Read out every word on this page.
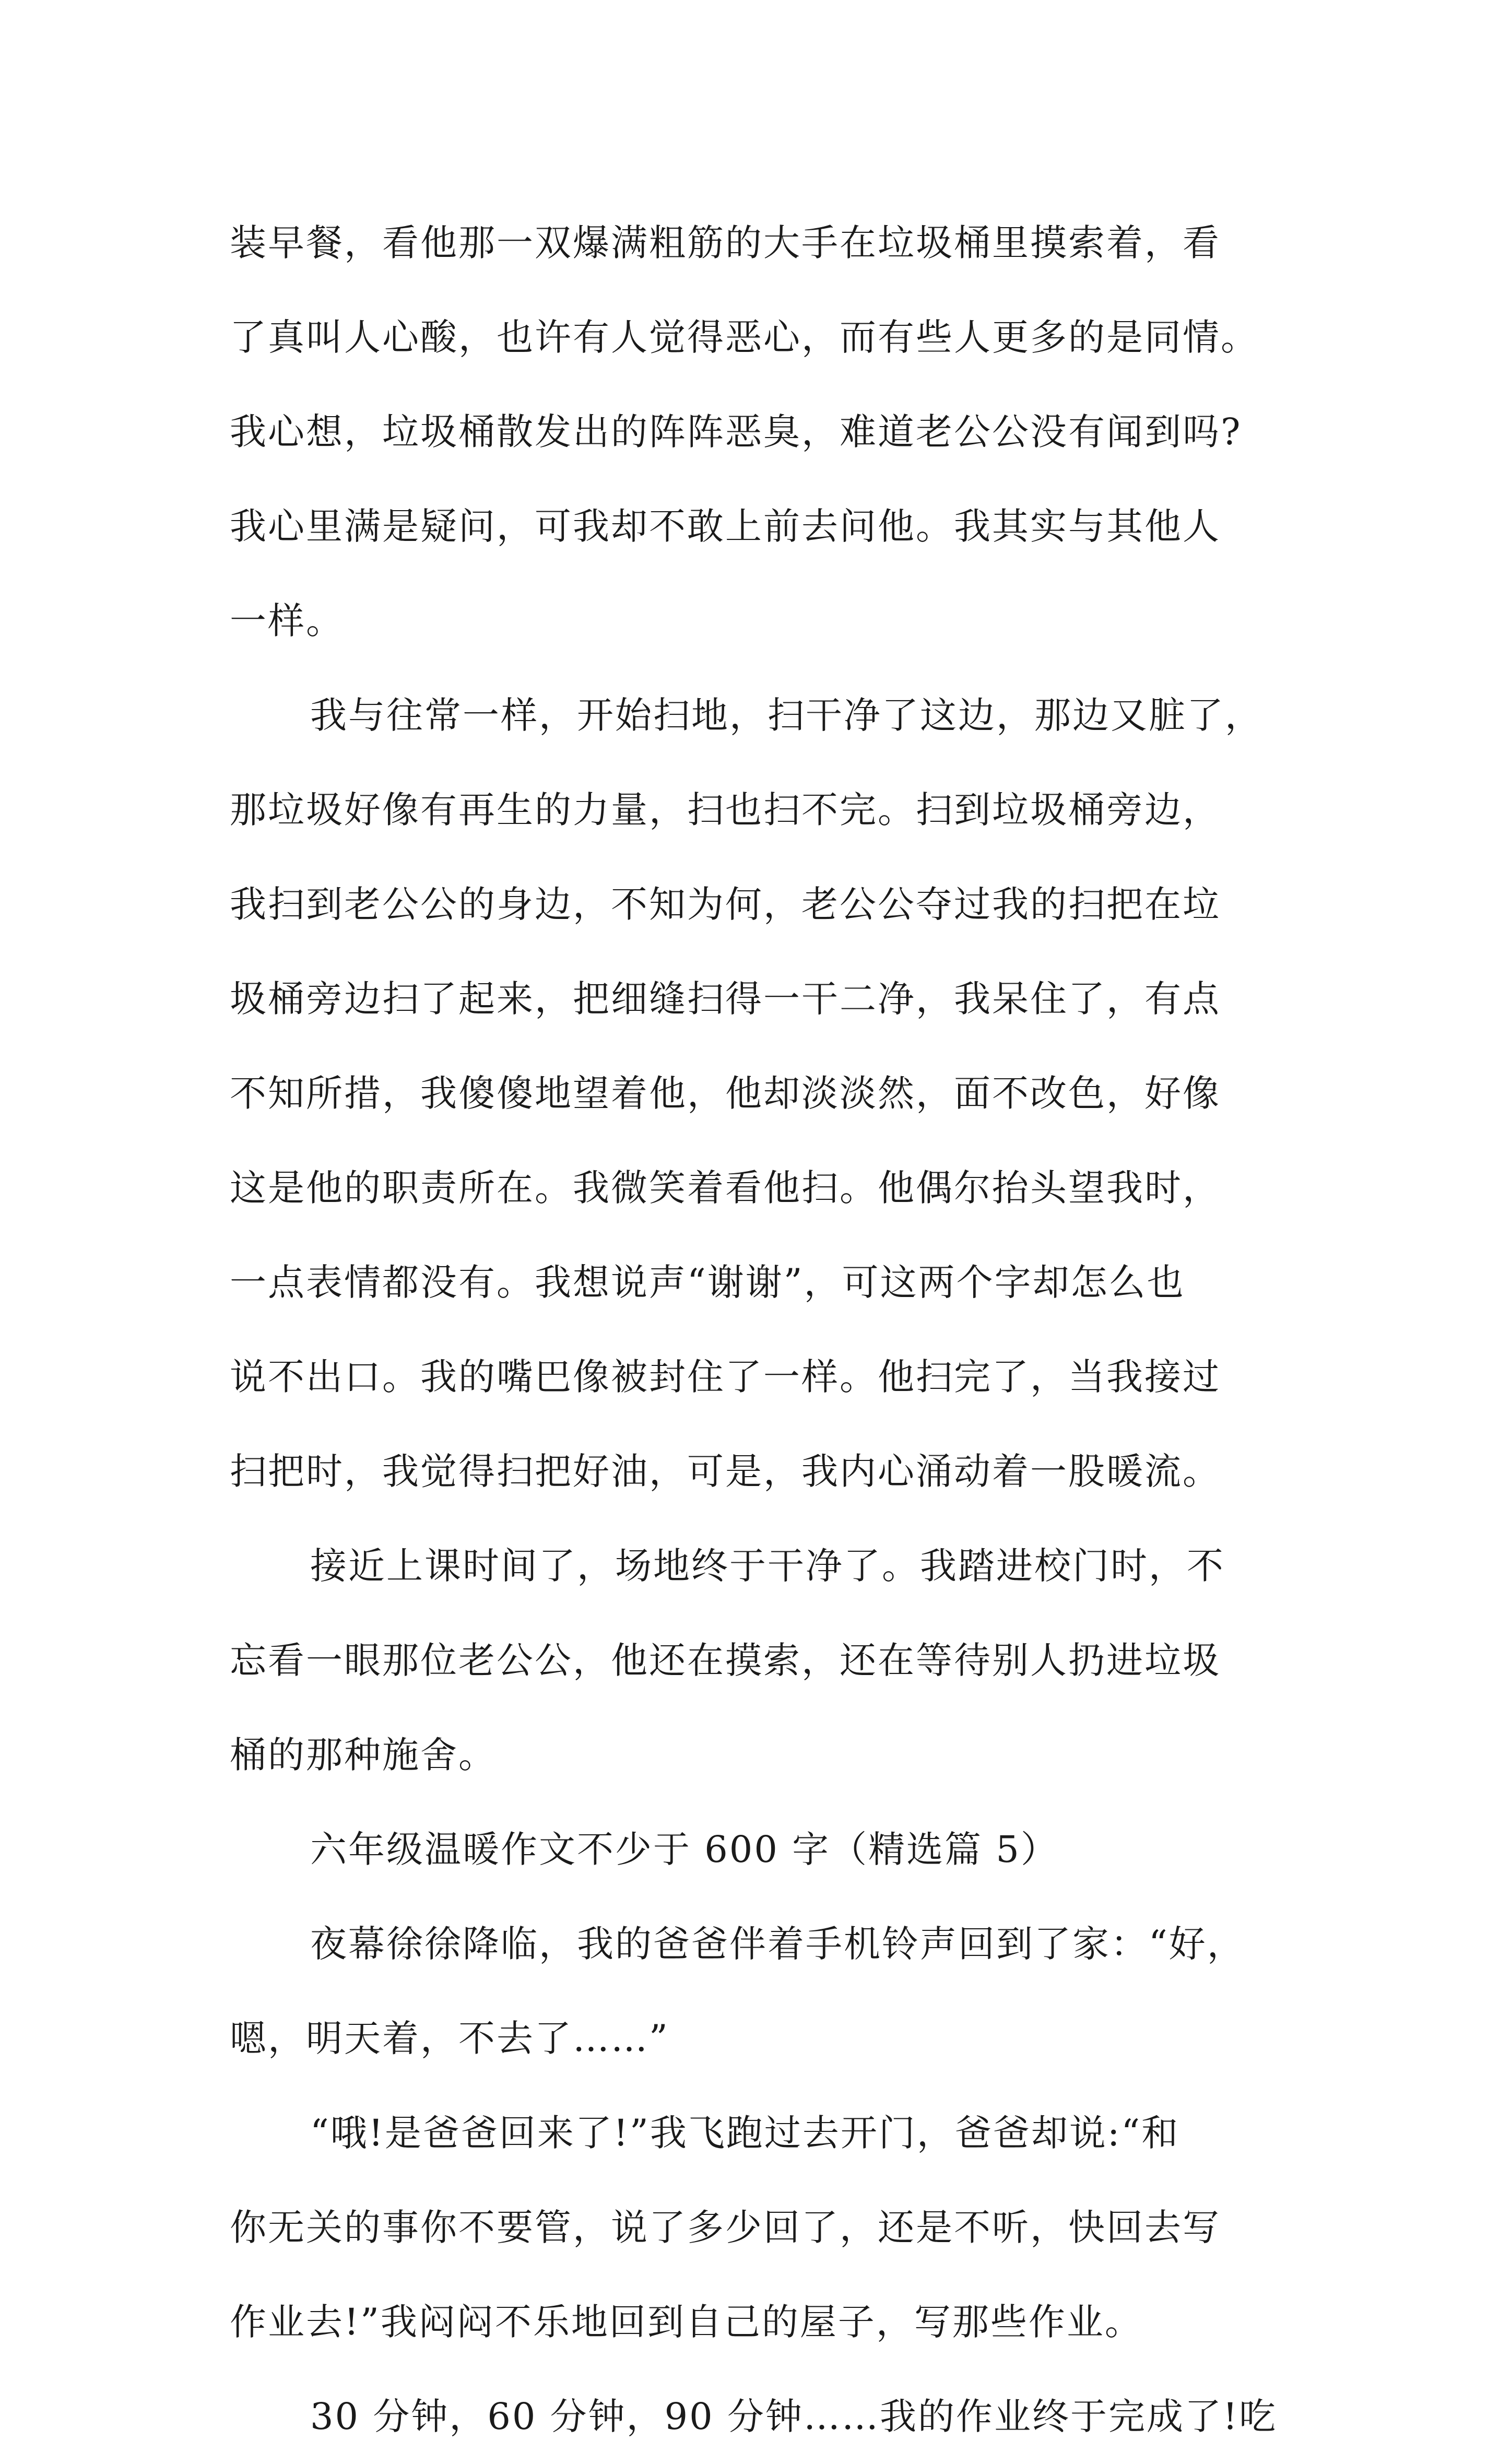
装早餐，看他那一双爆满粗筋的大手在垃圾桶里摸索着，看
了真叫人心酸，也许有人觉得恶心，而有些人更多的是同情。
我心想，垃圾桶散发出的阵阵恶臭，难道老公公没有闻到吗?
我心里满是疑问，可我却不敢上前去问他。我其实与其他人
一样。
我与往常一样，开始扫地，扫干净了这边，那边又脏了，
那垃圾好像有再生的力量，扫也扫不完。扫到垃圾桶旁边，
我扫到老公公的身边，不知为何，老公公夺过我的扫把在垃
圾桶旁边扫了起来，把细缝扫得一干二净，我呆住了，有点
不知所措，我傻傻地望着他，他却淡淡然，面不改色，好像
这是他的职责所在。我微笑着看他扫。他偶尔抬头望我时，
一点表情都没有。我想说声“谢谢”，可这两个字却怎么也
说不出口。我的嘴巴像被封住了一样。他扫完了，当我接过
扫把时，我觉得扫把好油，可是，我内心涌动着一股暖流。
接近上课时间了，场地终于干净了。我踏进校门时，不
忘看一眼那位老公公，他还在摸索，还在等待别人扔进垃圾
桶的那种施舍。
六年级温暖作文不少于 600 字（精选篇 5）
夜幕徐徐降临，我的爸爸伴着手机铃声回到了家：“好，
嗯，明天着，不去了……”
“哦!是爸爸回来了!”我飞跑过去开门，爸爸却说:“和
你无关的事你不要管，说了多少回了，还是不听，快回去写
作业去!”我闷闷不乐地回到自己的屋子，写那些作业。
30 分钟，60 分钟，90 分钟……我的作业终于完成了!吃
